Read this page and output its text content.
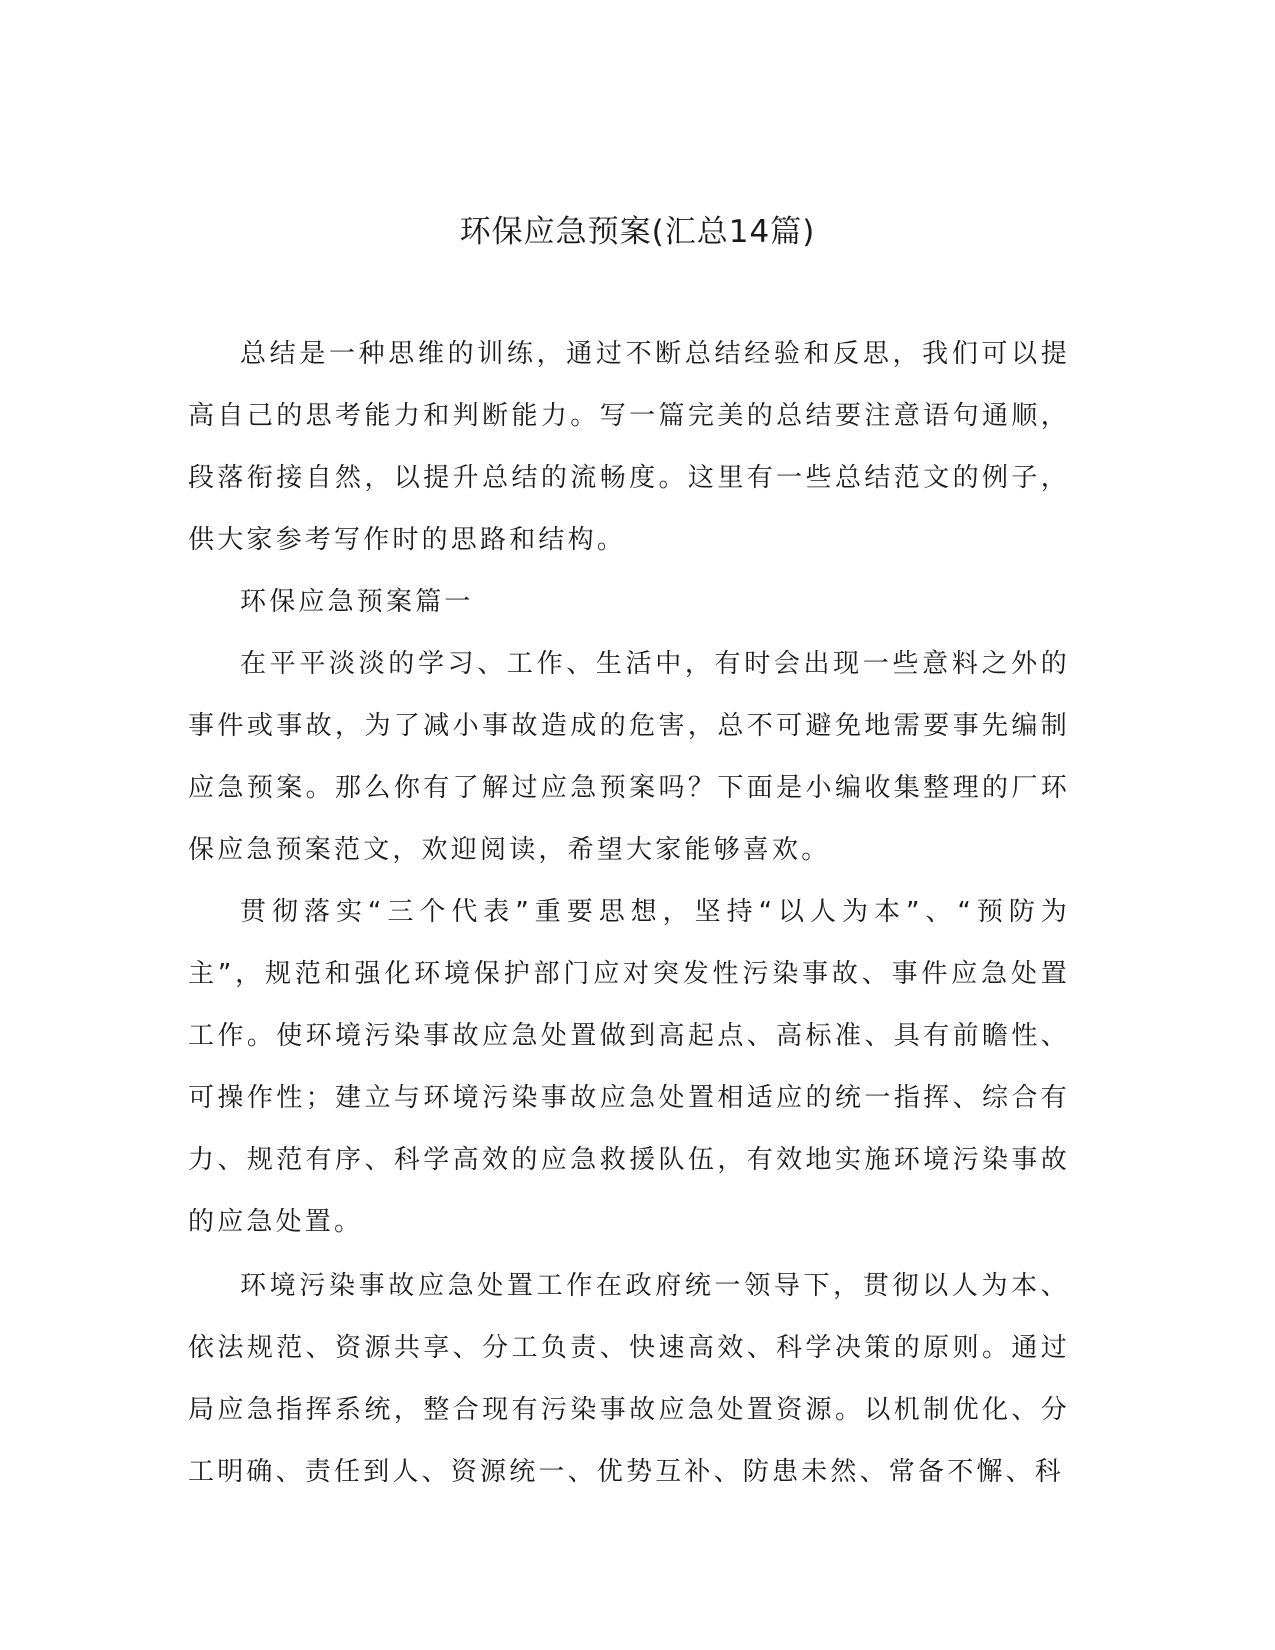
环保应急预案(汇总14篇)

总结是一种思维的训练，通过不断总结经验和反思，我们可以提高自己的思考能力和判断能力。写一篇完美的总结要注意语句通顺，段落衔接自然，以提升总结的流畅度。这里有一些总结范文的例子，供大家参考写作时的思路和结构。

环保应急预案篇一

在平平淡淡的学习、工作、生活中，有时会出现一些意料之外的事件或事故，为了减小事故造成的危害，总不可避免地需要事先编制应急预案。那么你有了解过应急预案吗？下面是小编收集整理的厂环保应急预案范文，欢迎阅读，希望大家能够喜欢。

贯彻落实“三个代表”重要思想，坚持“以人为本”、“预防为主”，规范和强化环境保护部门应对突发性污染事故、事件应急处置工作。使环境污染事故应急处置做到高起点、高标准、具有前瞻性、可操作性；建立与环境污染事故应急处置相适应的统一指挥、综合有力、规范有序、科学高效的应急救援队伍，有效地实施环境污染事故的应急处置。

环境污染事故应急处置工作在政府统一领导下，贯彻以人为本、依法规范、资源共享、分工负责、快速高效、科学决策的原则。通过局应急指挥系统，整合现有污染事故应急处置资源。以机制优化、分工明确、责任到人、资源统一、优势互补、防患未然、常备不懈、科
